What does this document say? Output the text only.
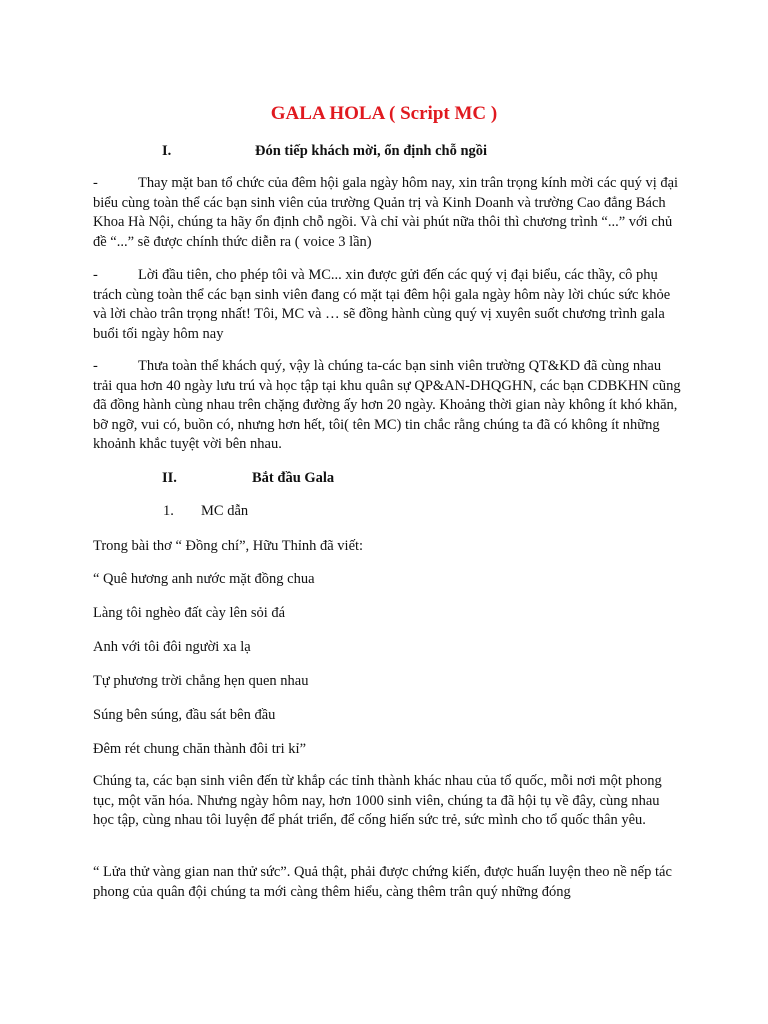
GALA HOLA ( Script MC )
I.	Đón tiếp khách mời, ổn định chỗ ngồi
-	Thay mặt ban tổ chức của đêm hội gala ngày hôm nay, xin trân trọng kính mời các quý vị đại biểu cùng toàn thể các bạn sinh viên của trường Quản trị và Kinh Doanh và trường Cao đẳng Bách Khoa Hà Nội, chúng ta hãy ổn định chỗ ngồi. Và chỉ vài phút nữa thôi thì chương trình “...” với chủ đề “...” sẽ được chính thức diễn ra ( voice 3 lần)

-	Lời đầu tiên, cho phép tôi và MC... xin được gửi đến các quý vị đại biểu, các thầy, cô phụ trách cùng toàn thể các bạn sinh viên đang có mặt tại đêm hội gala ngày hôm này lời chúc sức khỏe và lời chào trân trọng nhất! Tôi, MC và … sẽ đồng hành cùng quý vị xuyên suốt chương trình gala buổi tối ngày hôm nay

-	Thưa toàn thể khách quý, vậy là chúng ta-các bạn sinh viên trường QT&KD đã cùng nhau trải qua hơn 40 ngày lưu trú và học tập tại khu quân sự QP&AN-DHQGHN, các bạn CDBKHN cũng đã đồng hành cùng nhau trên chặng đường ấy hơn 20 ngày. Khoảng thời gian này không ít khó khăn, bỡ ngỡ, vui có, buồn có, nhưng hơn hết, tôi( tên MC) tin chắc rằng chúng ta đã có không ít những khoảnh khắc tuyệt vời bên nhau.

II.	Bắt đầu Gala
1. MC dẫn
Trong bài thơ “ Đồng chí”, Hữu Thỉnh đã viết:
“ Quê hương anh nước mặt đồng chua
Làng tôi nghèo đất cày lên sỏi đá
Anh với tôi đôi người xa lạ
Tự phương trời chẳng hẹn quen nhau
Súng bên súng, đầu sát bên đầu
Đêm rét chung chăn thành đôi tri kỉ”

Chúng ta, các bạn sinh viên đến từ khắp các tỉnh thành khác nhau của tổ quốc, mỗi nơi một phong tục, một văn hóa. Nhưng ngày hôm nay, hơn 1000 sinh viên, chúng ta đã hội tụ về đây, cùng nhau học tập, cùng nhau tôi luyện để phát triển, để cống hiến sức trẻ, sức mình cho tổ quốc thân yêu.

“ Lửa thử vàng gian nan thử sức”. Quả thật, phải được chứng kiến, được huấn luyện theo nề nếp tác phong của quân đội chúng ta mới càng thêm hiểu, càng thêm trân quý những đóng
